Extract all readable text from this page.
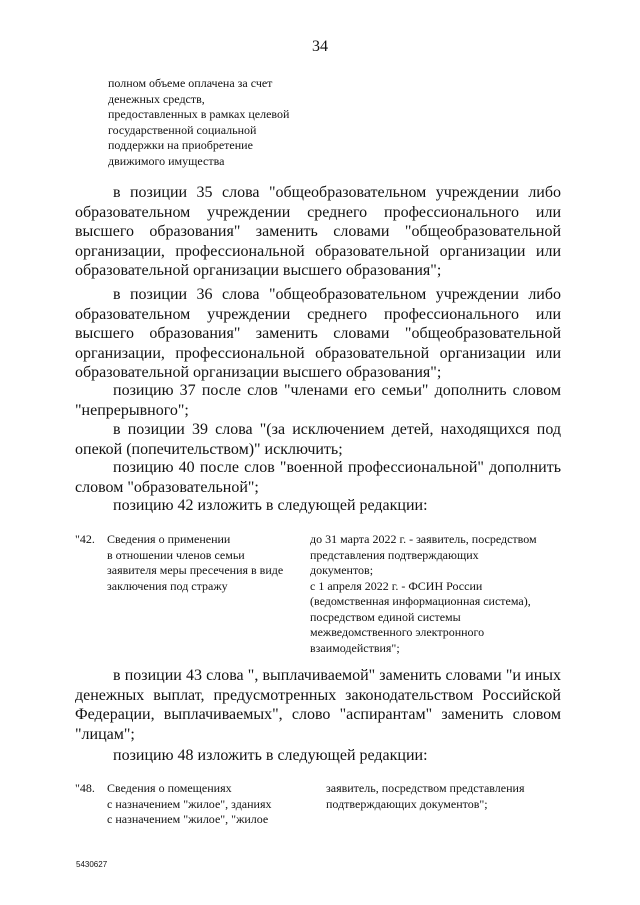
34
полном объеме оплачена за счет
денежных средств,
предоставленных в рамках целевой
государственной социальной
поддержки на приобретение
движимого имущества
в позиции 35 слова "общеобразовательном учреждении либо образовательном учреждении среднего профессионального или высшего образования" заменить словами "общеобразовательной организации, профессиональной образовательной организации или образовательной организации высшего образования";
в позиции 36 слова "общеобразовательном учреждении либо образовательном учреждении среднего профессионального или высшего образования" заменить словами "общеобразовательной организации, профессиональной образовательной организации или образовательной организации высшего образования";
позицию 37 после слов "членами его семьи" дополнить словом "непрерывного";
в позиции 39 слова "(за исключением детей, находящихся под опекой (попечительством)" исключить;
позицию 40 после слов "военной профессиональной" дополнить словом "образовательной";
позицию 42 изложить в следующей редакции:
"42. Сведения о применении
в отношении членов семьи
заявителя меры пресечения в виде
заключения под стражу
до 31 марта 2022 г. - заявитель, посредством
представления подтверждающих
документов;
с 1 апреля 2022 г. - ФСИН России
(ведомственная информационная система),
посредством единой системы
межведомственного электронного
взаимодействия";
в позиции 43 слова ", выплачиваемой" заменить словами "и иных денежных выплат, предусмотренных законодательством Российской Федерации, выплачиваемых", слово "аспирантам" заменить словом "лицам";
позицию 48 изложить в следующей редакции:
"48. Сведения о помещениях
с назначением "жилое", зданиях
с назначением "жилое", "жилое
заявитель, посредством представления
подтверждающих документов";
5430627
